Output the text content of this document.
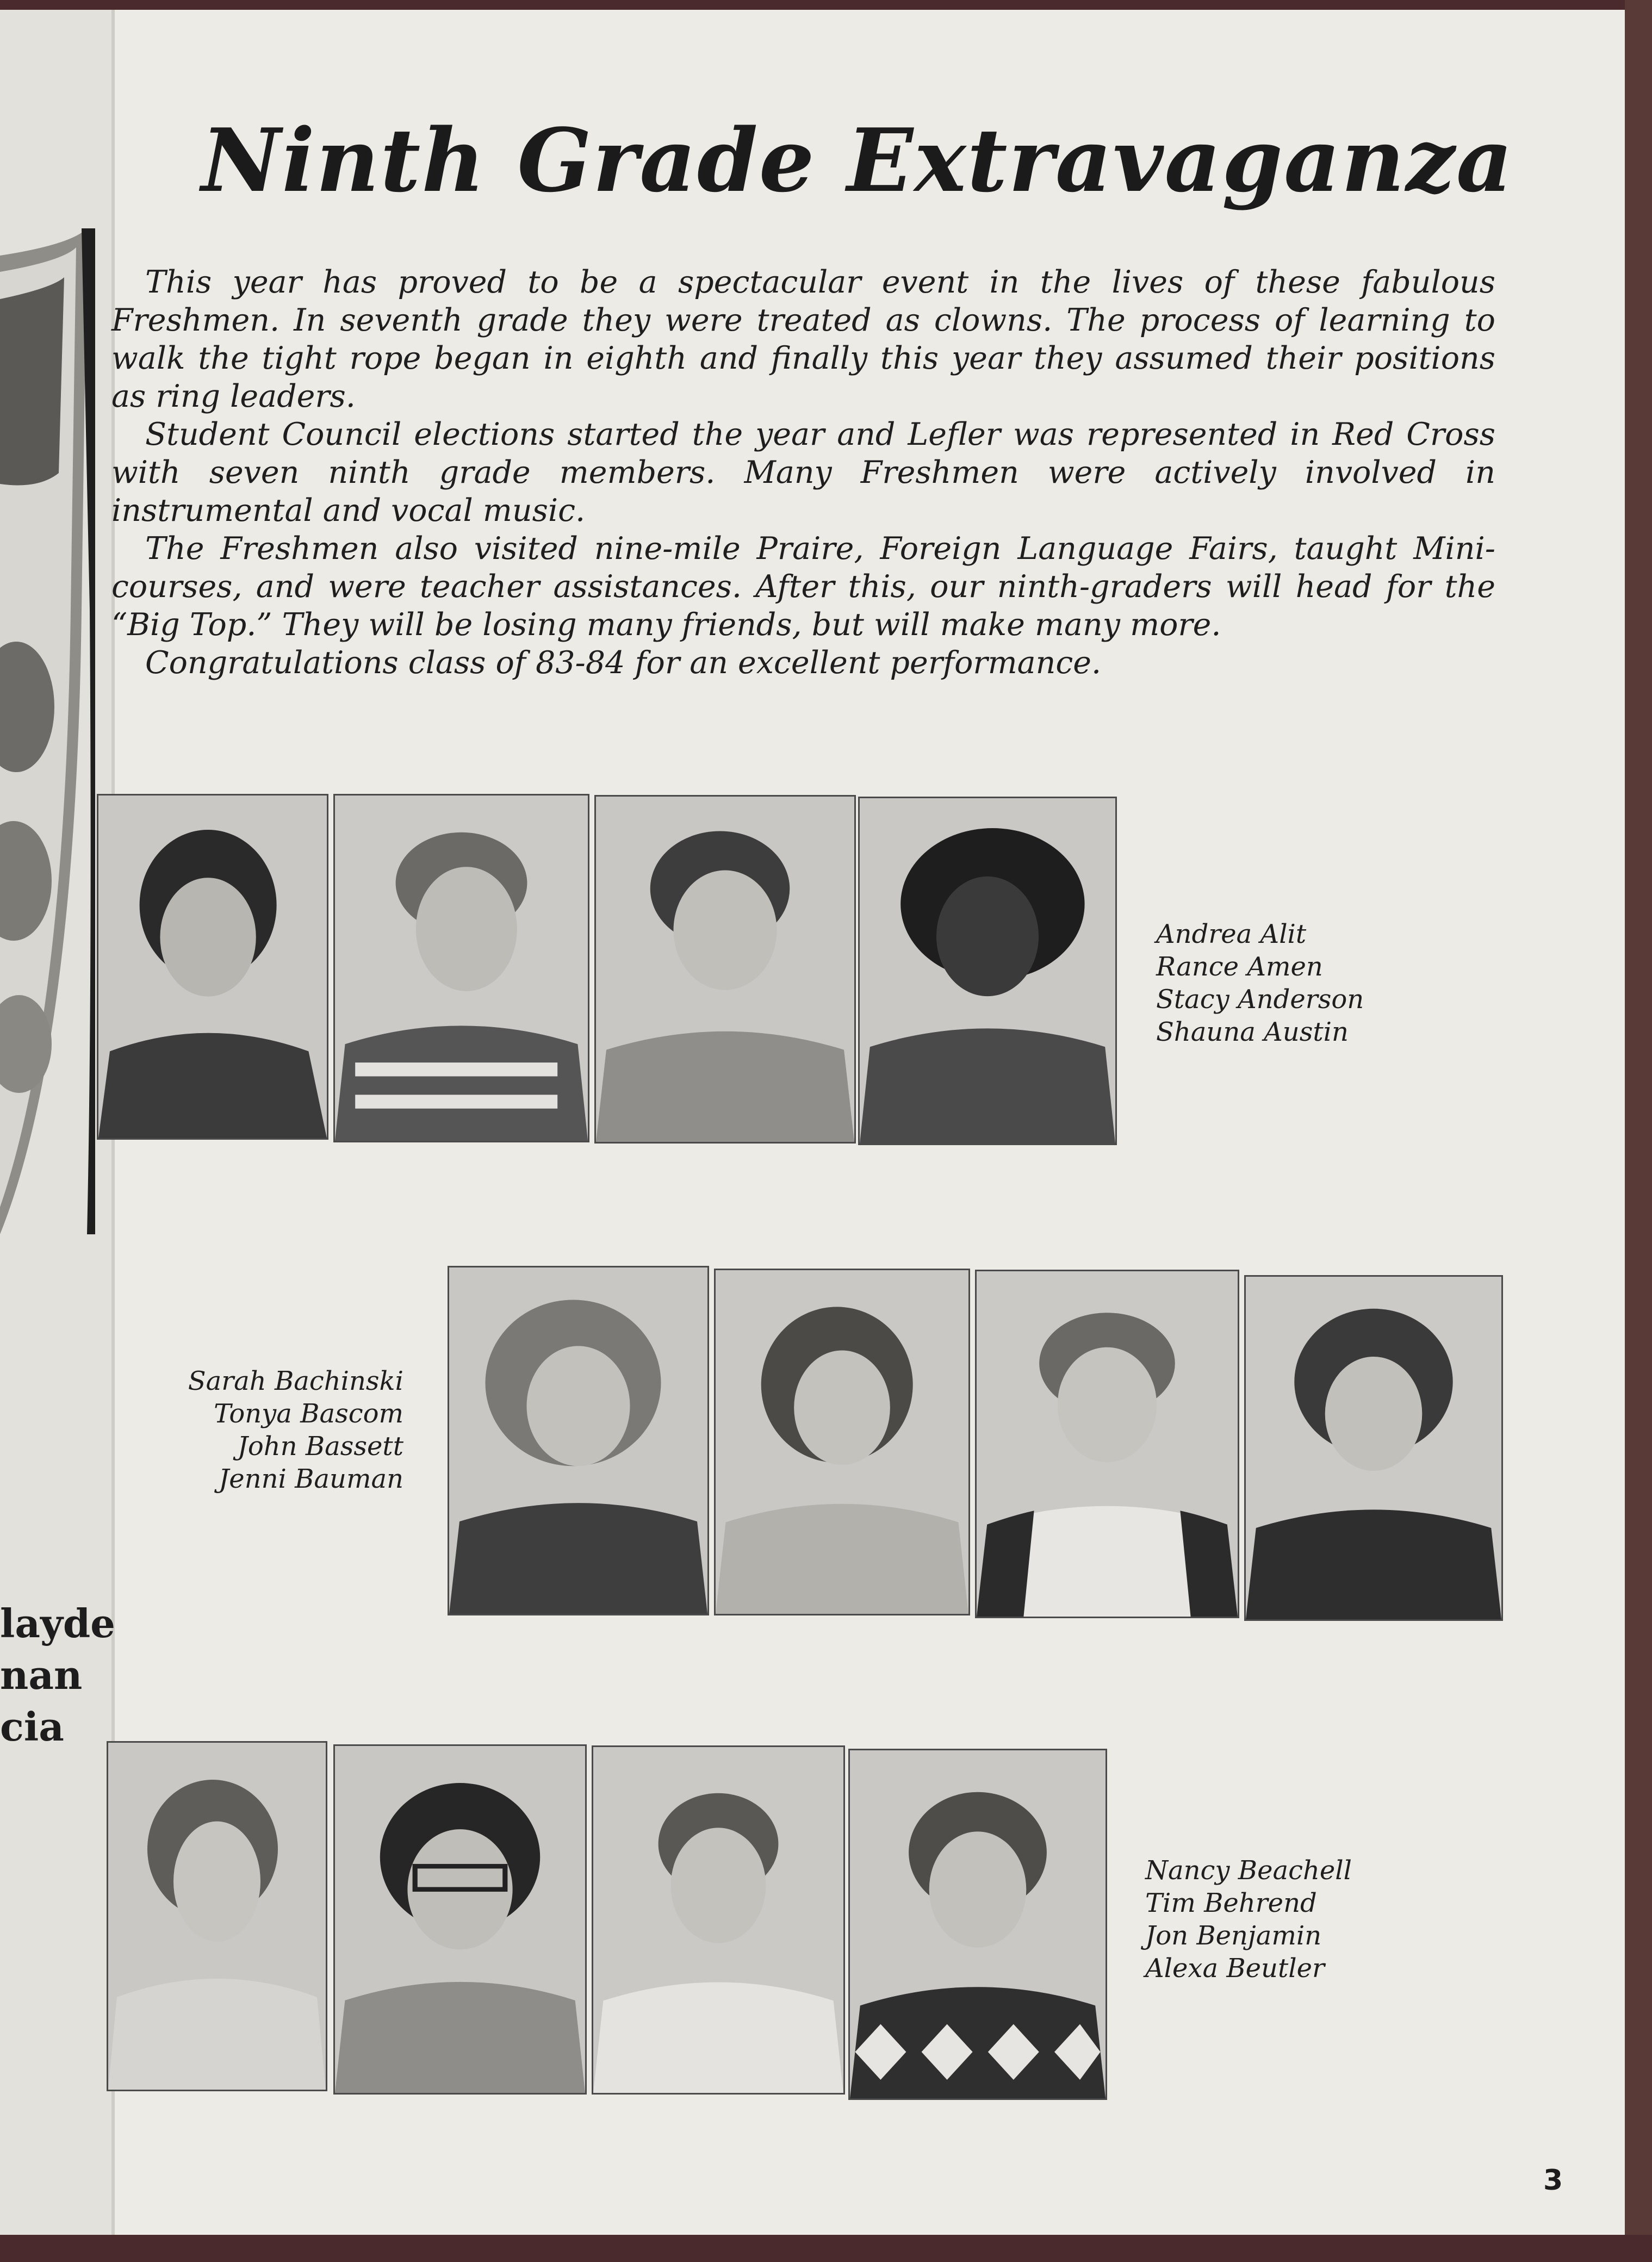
layde
nan
cia
Ninth Grade Extravaganza

This year has proved to be a spectacular event in the lives of these fabulous Freshmen. In seventh grade they were treated as clowns. The process of learning to walk the tight rope began in eighth and finally this year they assumed their positions as ring leaders.

Student Council elections started the year and Lefler was represented in Red Cross with seven ninth grade members. Many Freshmen were actively involved in instrumental and vocal music.

The Freshmen also visited nine-mile Praire, Foreign Language Fairs, taught Mini-courses, and were teacher assistances. After this, our ninth-graders will head for the “Big Top.” They will be losing many friends, but will make many more.

Congratulations class of 83-84 for an excellent performance.

Andrea Alit
Rance Amen
Stacy Anderson
Shauna Austin
Sarah Bachinski
Tonya Bascom
John Bassett
Jenni Bauman
Nancy Beachell
Tim Behrend
Jon Benjamin
Alexa Beutler
3
